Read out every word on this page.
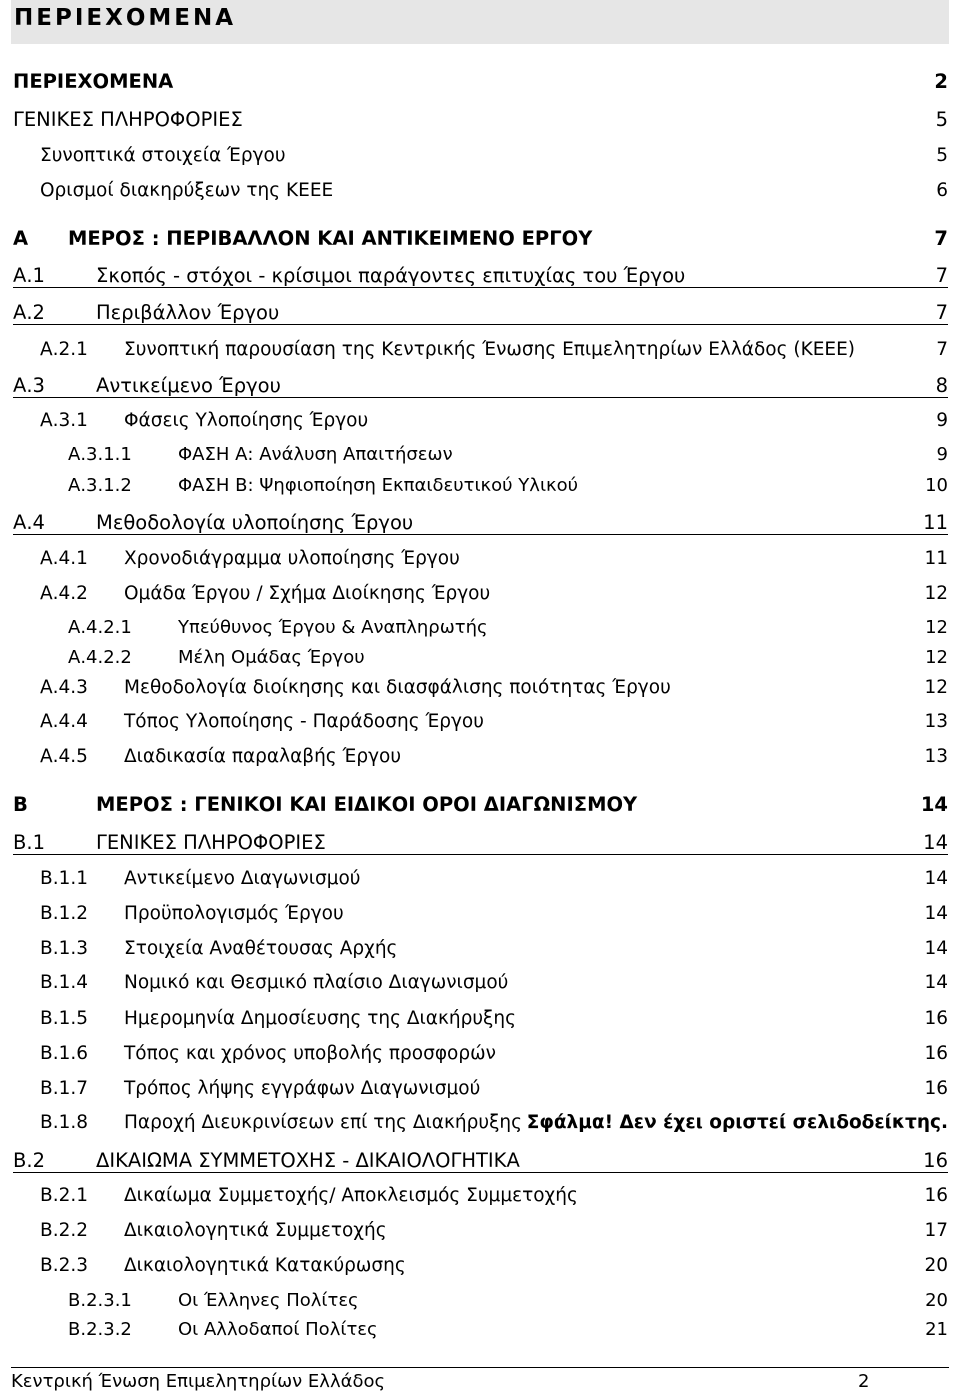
ΠΕΡΙΕΧΟΜΕΝΑ
ΠΕΡΙΕΧΟΜΕΝΑ	2
ΓΕΝΙΚΕΣ ΠΛΗΡΟΦΟΡΙΕΣ	5
Συνοπτικά στοιχεία Έργου	5
Ορισμοί διακηρύξεων της ΚΕΕΕ	6
Α ΜΕΡΟΣ : ΠΕΡΙΒΑΛΛΟΝ ΚΑΙ ΑΝΤΙΚΕΙΜΕΝΟ ΕΡΓΟΥ	7
Α.1	Σκοπός - στόχοι - κρίσιμοι παράγοντες επιτυχίας του Έργου	7
Α.2	Περιβάλλον Έργου	7
Α.2.1 Συνοπτική παρουσίαση της Κεντρικής Ένωσης Επιμελητηρίων Ελλάδος (ΚΕΕΕ)	7
Α.3	Αντικείμενο Έργου	8
Α.3.1 Φάσεις Υλοποίησης Έργου	9
Α.3.1.1	ΦΑΣΗ Α: Ανάλυση Απαιτήσεων	9
Α.3.1.2	ΦΑΣΗ Β: Ψηφιοποίηση Εκπαιδευτικού Υλικού	10
Α.4	Μεθοδολογία υλοποίησης Έργου	11
Α.4.1 Χρονοδιάγραμμα υλοποίησης Έργου	11
Α.4.2 Ομάδα Έργου / Σχήμα Διοίκησης Έργου	12
Α.4.2.1	Υπεύθυνος Έργου & Αναπληρωτής	12
Α.4.2.2	Μέλη Ομάδας Έργου	12
Α.4.3 Μεθοδολογία διοίκησης και διασφάλισης ποιότητας Έργου	12
Α.4.4 Τόπος Υλοποίησης - Παράδοσης Έργου	13
Α.4.5 Διαδικασία παραλαβής Έργου	13
Β	ΜΕΡΟΣ : ΓΕΝΙΚΟΙ ΚΑΙ ΕΙΔΙΚΟΙ ΟΡΟΙ ΔΙΑΓΩΝΙΣΜΟΥ	14
Β.1	ΓΕΝΙΚΕΣ ΠΛΗΡΟΦΟΡΙΕΣ	14
Β.1.1 Αντικείμενο Διαγωνισμού	14
Β.1.2 Προϋπολογισμός Έργου	14
Β.1.3 Στοιχεία Αναθέτουσας Αρχής	14
Β.1.4 Νομικό και Θεσμικό πλαίσιο Διαγωνισμού	14
Β.1.5 Ημερομηνία Δημοσίευσης της Διακήρυξης	16
Β.1.6 Τόπος και χρόνος υποβολής προσφορών	16
Β.1.7 Τρόπος λήψης εγγράφων Διαγωνισμού	16
Β.1.8 Παροχή Διευκρινίσεων επί της Διακήρυξης Σφάλμα! Δεν έχει οριστεί σελιδοδείκτης.
Β.2	ΔΙΚΑΙΩΜΑ ΣΥΜΜΕΤΟΧΗΣ - ΔΙΚΑΙΟΛΟΓΗΤΙΚΑ	16
Β.2.1 Δικαίωμα Συμμετοχής/ Αποκλεισμός Συμμετοχής	16
Β.2.2 Δικαιολογητικά Συμμετοχής	17
Β.2.3 Δικαιολογητικά Κατακύρωσης	20
Β.2.3.1	Οι Έλληνες Πολίτες	20
Β.2.3.2	Οι Αλλοδαποί Πολίτες	21
Κεντρική Ένωση Επιμελητηρίων Ελλάδος	2
